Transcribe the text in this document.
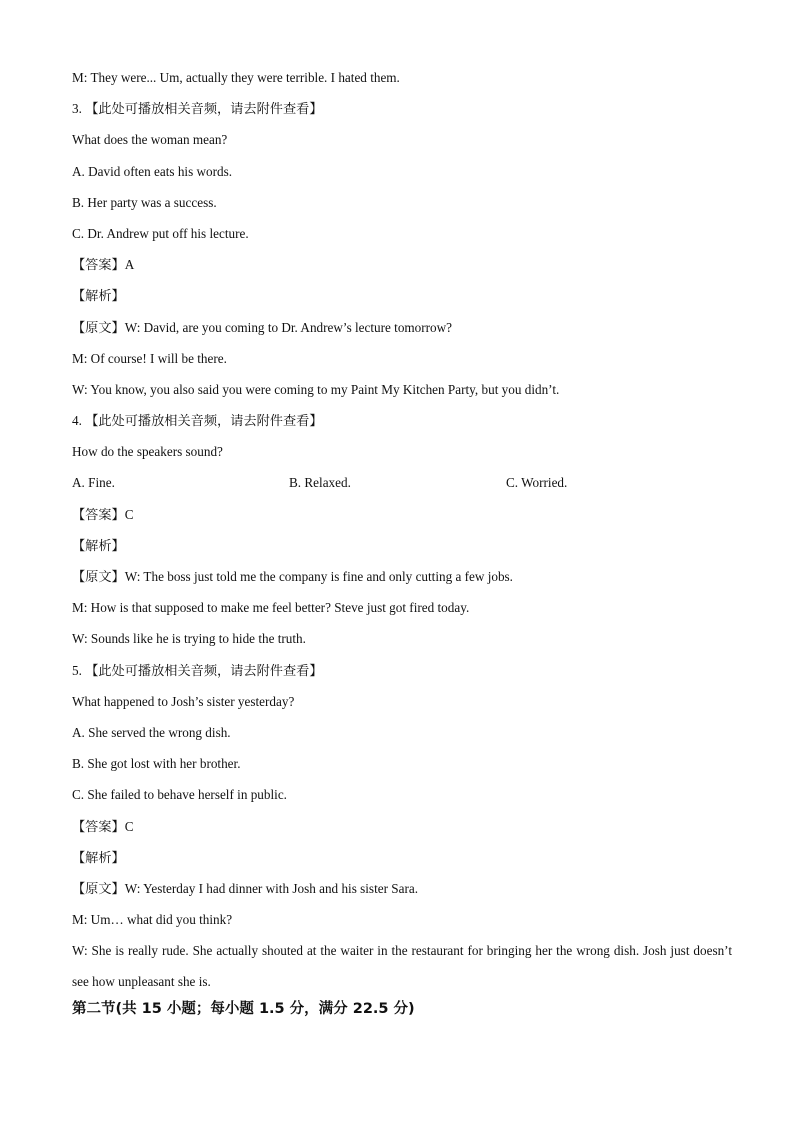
M: They were... Um, actually they were terrible. I hated them.
3. 【此处可播放相关音频，请去附件查看】
What does the woman mean?
A. David often eats his words.
B. Her party was a success.
C. Dr. Andrew put off his lecture.
【答案】A
【解析】
【原文】W: David, are you coming to Dr. Andrew’s lecture tomorrow?
M: Of course! I will be there.
W: You know, you also said you were coming to my Paint My Kitchen Party, but you didn’t.
4. 【此处可播放相关音频，请去附件查看】
How do the speakers sound?
A. Fine.	B. Relaxed.	C. Worried.
【答案】C
【解析】
【原文】W: The boss just told me the company is fine and only cutting a few jobs.
M: How is that supposed to make me feel better? Steve just got fired today.
W: Sounds like he is trying to hide the truth.
5. 【此处可播放相关音频，请去附件查看】
What happened to Josh’s sister yesterday?
A. She served the wrong dish.
B. She got lost with her brother.
C. She failed to behave herself in public.
【答案】C
【解析】
【原文】W: Yesterday I had dinner with Josh and his sister Sara.
M: Um… what did you think?
W: She is really rude. She actually shouted at the waiter in the restaurant for bringing her the wrong dish. Josh just doesn’t see how unpleasant she is.
第二节(共 15 小题；每小题 1.5 分，满分 22.5 分)
